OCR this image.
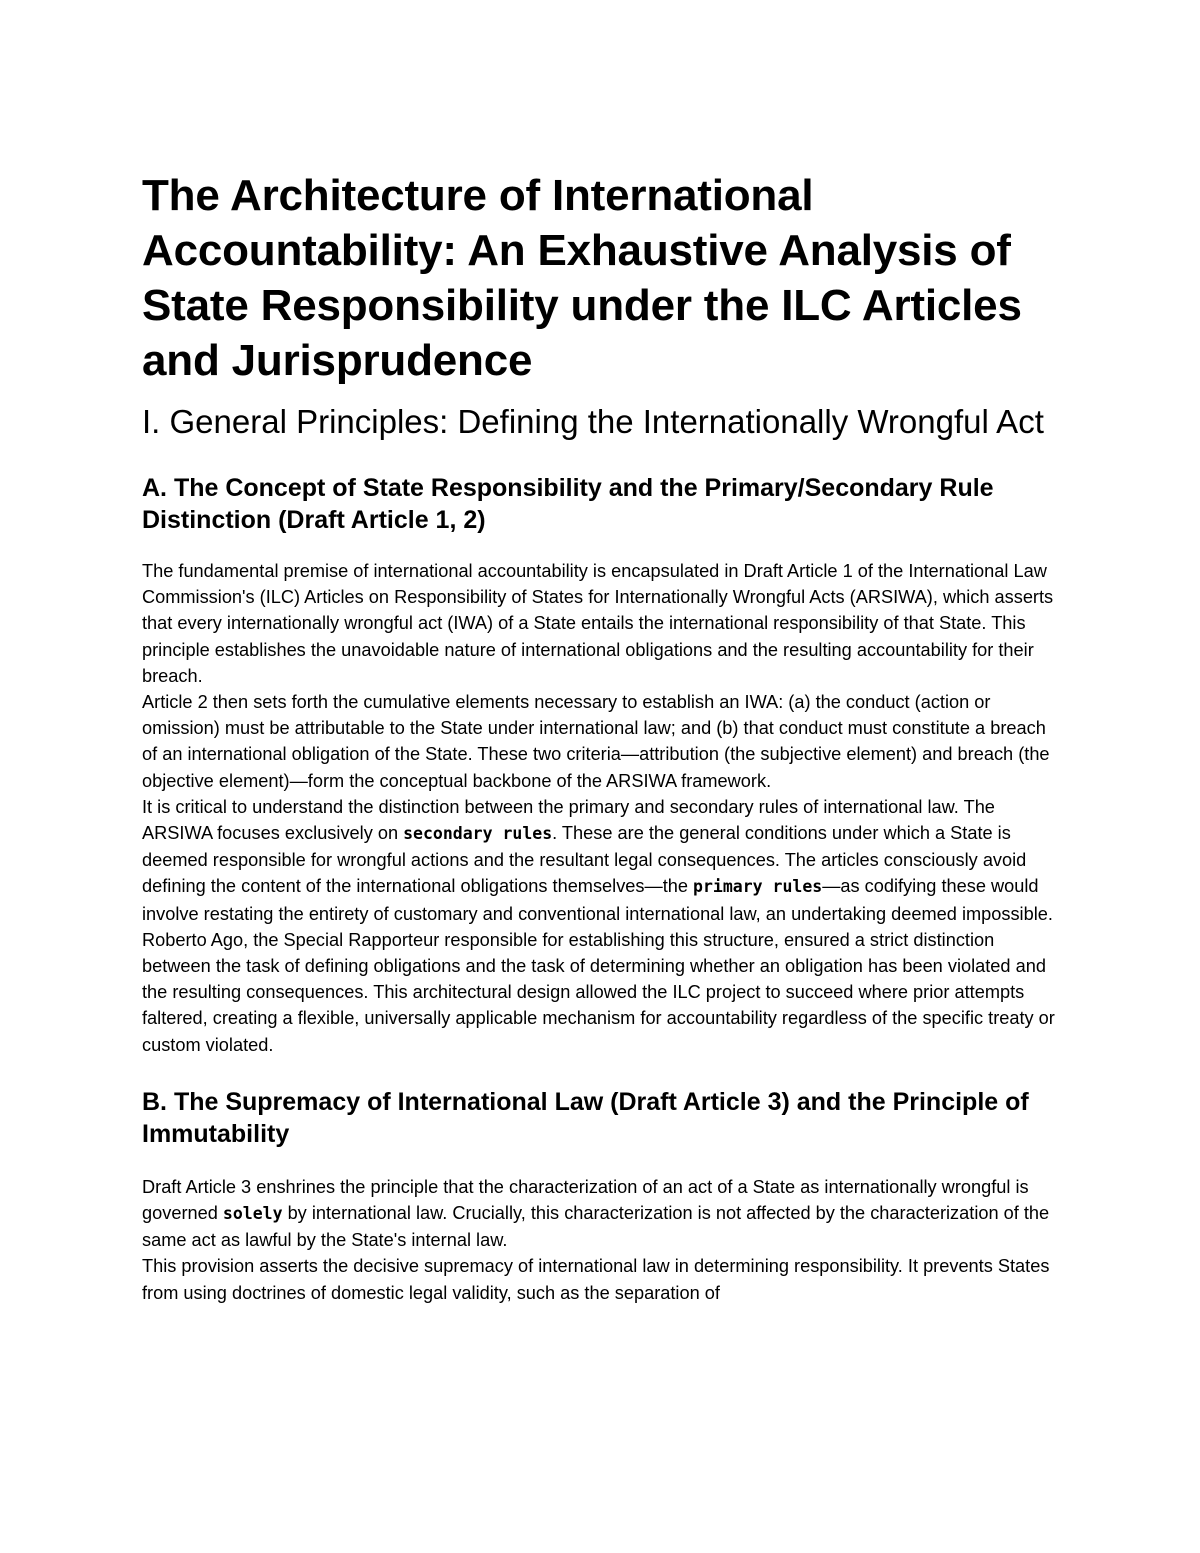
The Architecture of International Accountability: An Exhaustive Analysis of State Responsibility under the ILC Articles and Jurisprudence
I. General Principles: Defining the Internationally Wrongful Act
A. The Concept of State Responsibility and the Primary/Secondary Rule Distinction (Draft Article 1, 2)

The fundamental premise of international accountability is encapsulated in Draft Article 1 of the International Law Commission's (ILC) Articles on Responsibility of States for Internationally Wrongful Acts (ARSIWA), which asserts that every internationally wrongful act (IWA) of a State entails the international responsibility of that State. This principle establishes the unavoidable nature of international obligations and the resulting accountability for their breach.

Article 2 then sets forth the cumulative elements necessary to establish an IWA: (a) the conduct (action or omission) must be attributable to the State under international law; and (b) that conduct must constitute a breach of an international obligation of the State. These two criteria—attribution (the subjective element) and breach (the objective element)—form the conceptual backbone of the ARSIWA framework.

It is critical to understand the distinction between the primary and secondary rules of international law. The ARSIWA focuses exclusively on secondary rules. These are the general conditions under which a State is deemed responsible for wrongful actions and the resultant legal consequences. The articles consciously avoid defining the content of the international obligations themselves—the primary rules—as codifying these would involve restating the entirety of customary and conventional international law, an undertaking deemed impossible. Roberto Ago, the Special Rapporteur responsible for establishing this structure, ensured a strict distinction between the task of defining obligations and the task of determining whether an obligation has been violated and the resulting consequences. This architectural design allowed the ILC project to succeed where prior attempts faltered, creating a flexible, universally applicable mechanism for accountability regardless of the specific treaty or custom violated.

B. The Supremacy of International Law (Draft Article 3) and the Principle of Immutability

Draft Article 3 enshrines the principle that the characterization of an act of a State as internationally wrongful is governed solely by international law. Crucially, this characterization is not affected by the characterization of the same act as lawful by the State's internal law.

This provision asserts the decisive supremacy of international law in determining responsibility. It prevents States from using doctrines of domestic legal validity, such as the separation of
